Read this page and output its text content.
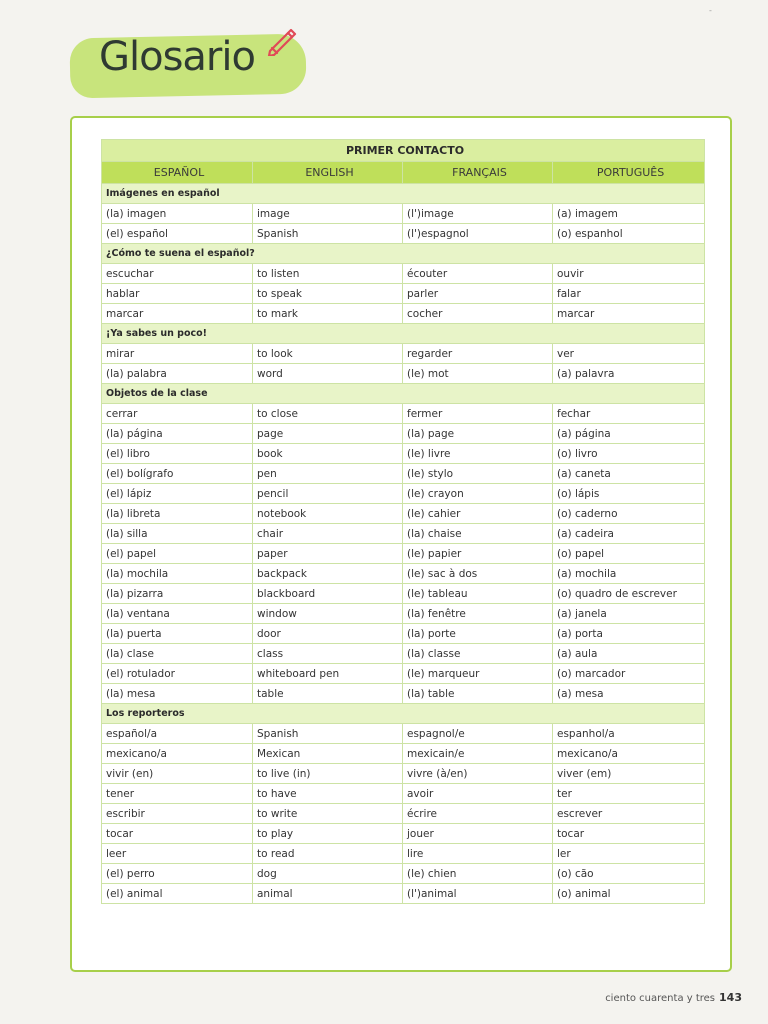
-
Glosario
PRIMER CONTACTO			
ESPAÑOL	ENGLISH	FRANÇAIS	PORTUGUÊS
Imágenes en español			
(la) imagen	image	(l')image	(a) imagem
(el) español	Spanish	(l')espagnol	(o) espanhol
¿Cómo te suena el español?			
escuchar	to listen	écouter	ouvir
hablar	to speak	parler	falar
marcar	to mark	cocher	marcar
¡Ya sabes un poco!			
mirar	to look	regarder	ver
(la) palabra	word	(le) mot	(a) palavra
Objetos de la clase			
cerrar	to close	fermer	fechar
(la) página	page	(la) page	(a) página
(el) libro	book	(le) livre	(o) livro
(el) bolígrafo	pen	(le) stylo	(a) caneta
(el) lápiz	pencil	(le) crayon	(o) lápis
(la) libreta	notebook	(le) cahier	(o) caderno
(la) silla	chair	(la) chaise	(a) cadeira
(el) papel	paper	(le) papier	(o) papel
(la) mochila	backpack	(le) sac à dos	(a) mochila
(la) pizarra	blackboard	(le) tableau	(o) quadro de escrever
(la) ventana	window	(la) fenêtre	(a) janela
(la) puerta	door	(la) porte	(a) porta
(la) clase	class	(la) classe	(a) aula
(el) rotulador	whiteboard pen	(le) marqueur	(o) marcador
(la) mesa	table	(la) table	(a) mesa
Los reporteros			
español/a	Spanish	espagnol/e	espanhol/a
mexicano/a	Mexican	mexicain/e	mexicano/a
vivir (en)	to live (in)	vivre (à/en)	viver (em)
tener	to have	avoir	ter
escribir	to write	écrire	escrever
tocar	to play	jouer	tocar
leer	to read	lire	ler
(el) perro	dog	(le) chien	(o) cão
(el) animal	animal	(l')animal	(o) animal
ciento cuarenta y tres 143
